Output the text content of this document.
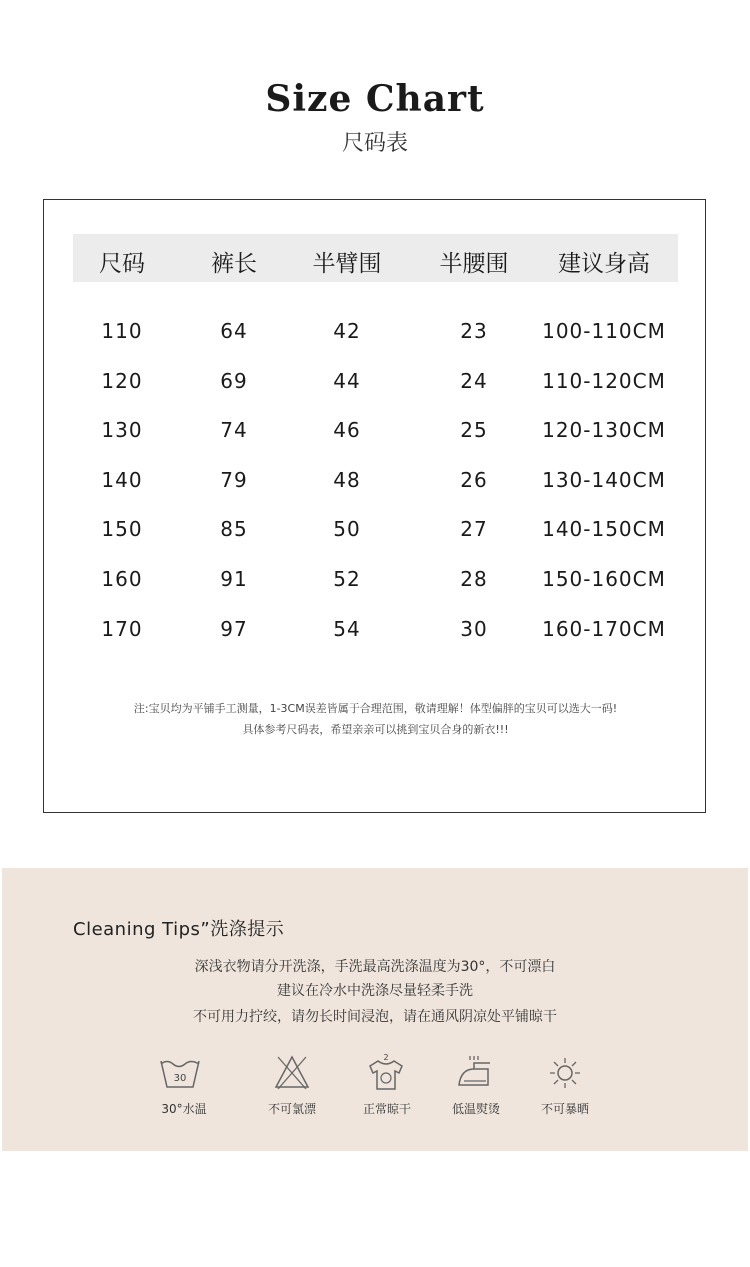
Size Chart
尺码表
尺码	裤长	半臂围	半腰围	建议身高
110	64	42	23	100-110CM
120	69	44	24	110-120CM
130	74	46	25	120-130CM
140	79	48	26	130-140CM
150	85	50	27	140-150CM
160	91	52	28	150-160CM
170	97	54	30	160-170CM
注:宝贝均为平铺手工测量，1-3CM误差皆属于合理范围，敬请理解！体型偏胖的宝贝可以选大一码!
具体参考尺码表，希望亲亲可以挑到宝贝合身的新衣!!!
Cleaning Tips”洗涤提示
深浅衣物请分开洗涤，手洗最高洗涤温度为30°，不可漂白
建议在冷水中洗涤尽量轻柔手洗
不可用力拧绞，请勿长时间浸泡，请在通风阴凉处平铺晾干
30
30°水温	不可氯漂
2
正常晾干	低温熨烫	不可暴晒
